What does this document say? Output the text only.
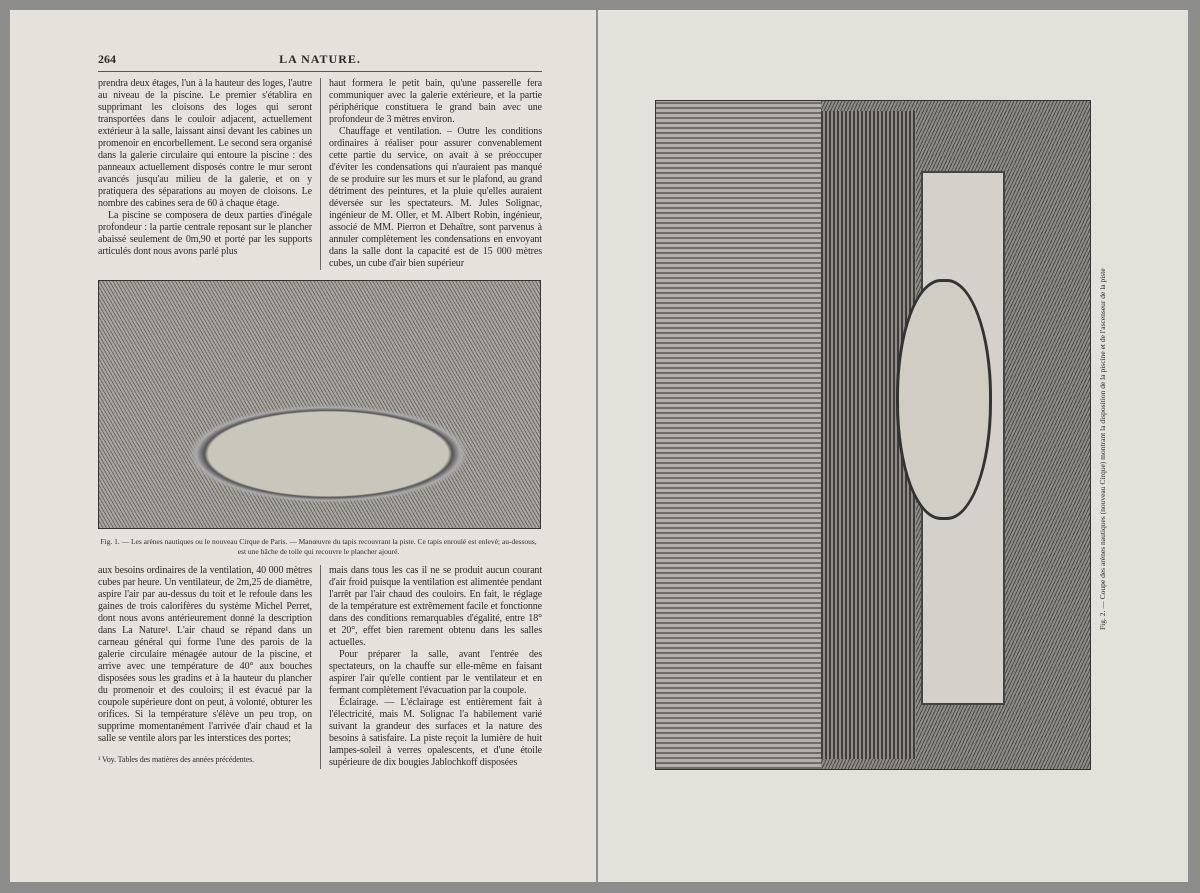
Fig. 2. — Coupe des arènes nautiques (nouveau Cirque) montrant la disposition de la piscine et de l'ascenseur de la piste
264	LA NATURE.

prendra deux étages, l'un à la hauteur des loges, l'autre au niveau de la piscine. Le premier s'établira en supprimant les cloisons des loges qui seront transportées dans le couloir adjacent, actuellement extérieur à la salle, laissant ainsi devant les cabines un promenoir en encorbellement. Le second sera organisé dans la galerie circulaire qui entoure la piscine : des panneaux actuellement disposés contre le mur seront avancés jusqu'au milieu de la galerie, et on y pratiquera des séparations au moyen de cloisons. Le nombre des cabines sera de 60 à chaque étage.

La piscine se composera de deux parties d'inégale profondeur : la partie centrale reposant sur le plancher abaissé seulement de 0m,90 et porté par les supports articulés dont nous avons parlé plus

haut formera le petit bain, qu'une passerelle fera communiquer avec la galerie extérieure, et la partie périphérique constituera le grand bain avec une profondeur de 3 mètres environ.

Chauffage et ventilation. – Outre les conditions ordinaires à réaliser pour assurer convenablement cette partie du service, on avait à se préoccuper d'éviter les condensations qui n'auraient pas manqué de se produire sur les murs et sur le plafond, au grand détriment des peintures, et la pluie qu'elles auraient déversée sur les spectateurs. M. Jules Solignac, ingénieur de M. Oller, et M. Albert Robin, ingénieur, associé de MM. Pierron et Dehaître, sont parvenus à annuler complètement les condensations en envoyant dans la salle dont la capacité est de 15 000 mètres cubes, un cube d'air bien supérieur

Fig. 1. — Les arènes nautiques ou le nouveau Cirque de Paris. — Manœuvre du tapis recouvrant la piste. Ce tapis enroulé est enlevé; au-dessous, est une bâche de toile qui recouvre le plancher ajouré.

aux besoins ordinaires de la ventilation, 40 000 mètres cubes par heure. Un ventilateur, de 2m,25 de diamètre, aspire l'air par au-dessus du toit et le refoule dans les gaines de trois calorifères du système Michel Perret, dont nous avons antérieurement donné la description dans La Nature¹. L'air chaud se répand dans un carneau général qui forme l'une des parois de la galerie circulaire ménagée autour de la piscine, et arrive avec une température de 40° aux bouches disposées sous les gradins et à la hauteur du plancher du promenoir et des couloirs; il est évacué par la coupole supérieure dont on peut, à volonté, obturer les orifices. Si la température s'élève un peu trop, on supprime momentanément l'arrivée d'air chaud et la salle se ventile alors par les interstices des portes;

¹ Voy. Tables des matières des années précédentes.

mais dans tous les cas il ne se produit aucun courant d'air froid puisque la ventilation est alimentée pendant l'arrêt par l'air chaud des couloirs. En fait, le réglage de la température est extrêmement facile et fonctionne dans des conditions remarquables d'égalité, entre 18° et 20°, effet bien rarement obtenu dans les salles actuelles.

Pour préparer la salle, avant l'entrée des spectateurs, on la chauffe sur elle-même en faisant aspirer l'air qu'elle contient par le ventilateur et en fermant complètement l'évacuation par la coupole.

Éclairage. — L'éclairage est entièrement fait à l'électricité, mais M. Solignac l'a habilement varié suivant la grandeur des surfaces et la nature des besoins à satisfaire. La piste reçoit la lumière de huit lampes-soleil à verres opalescents, et d'une étoile supérieure de dix bougies Jablochkoff disposées
